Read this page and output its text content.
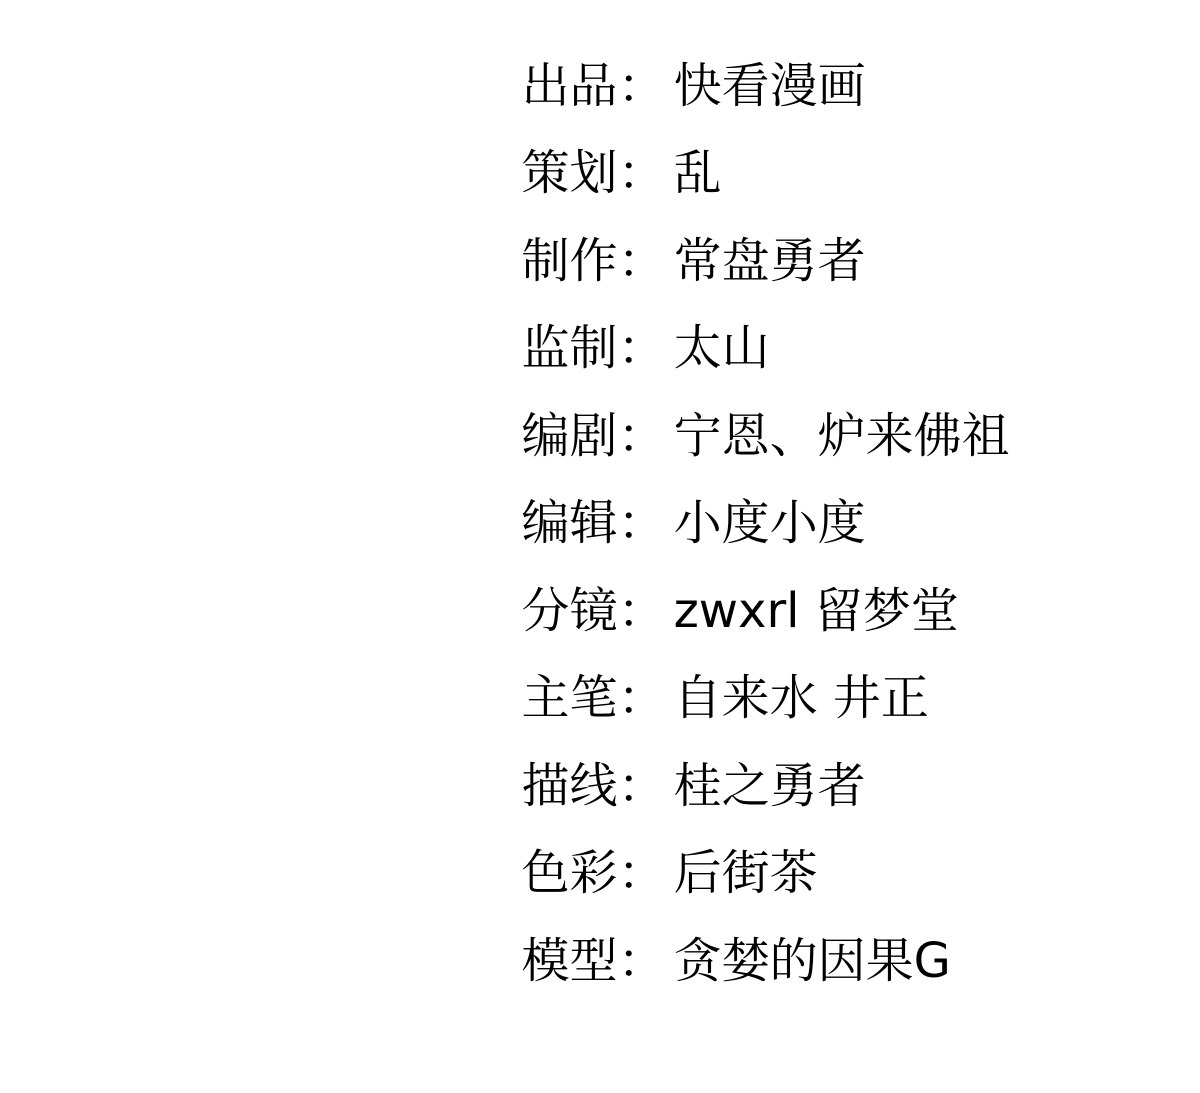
出品： 快看漫画

策划： 乱

制作： 常盘勇者

监制： 太山

编剧： 宁恩、炉来佛祖

编辑： 小度小度

分镜： zwxrl 留梦堂

主笔： 自来水 井正

描线： 桂之勇者

色彩： 后街茶

模型： 贪婪的因果G
